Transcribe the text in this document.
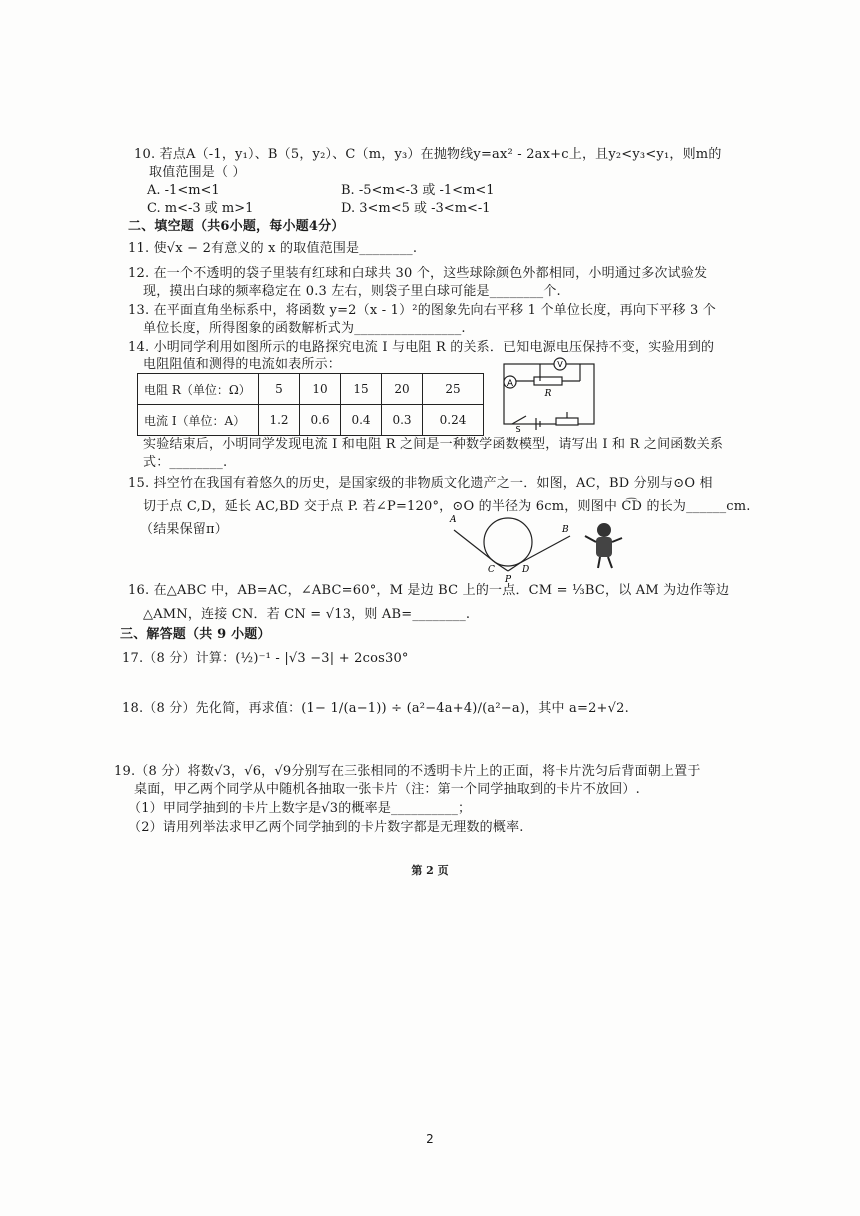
10. 若点A（-1，y₁）、B（5，y₂）、C（m，y₃）在抛物线y=ax² - 2ax+c上，且y₂<y₃<y₁，则m的
取值范围是（ ）
A. -1<m<1	B. -5<m<-3 或 -1<m<1
C. m<-3 或 m>1	D. 3<m<5 或 -3<m<-1
二、填空题（共6小题，每小题4分）
11. 使√x − 2有意义的 x 的取值范围是________.
12. 在一个不透明的袋子里装有红球和白球共 30 个，这些球除颜色外都相同，小明通过多次试验发
现，摸出白球的频率稳定在 0.3 左右，则袋子里白球可能是________个.
13. 在平面直角坐标系中，将函数 y=2（x - 1）²的图象先向右平移 1 个单位长度，再向下平移 3 个
单位长度，所得图象的函数解析式为________________.
14. 小明同学利用如图所示的电路探究电流 I 与电阻 R 的关系．已知电源电压保持不变，实验用到的
电阻阻值和测得的电流如表所示：
电阻 R（单位：Ω）	5	10	15	20	25
电流 I（单位：A）	1.2	0.6	0.4	0.3	0.24
A
V
R
S
实验结束后，小明同学发现电流 I 和电阻 R 之间是一种数学函数模型，请写出 I 和 R 之间函数关系
式：________.
15. 抖空竹在我国有着悠久的历史，是国家级的非物质文化遗产之一．如图，AC，BD 分别与⊙O 相
切于点 C,D，延长 AC,BD 交于点 P. 若∠P=120°，⊙O 的半径为 6cm，则图中 C͡D 的长为______cm.
（结果保留π）
A
B
C	D
P
16. 在△ABC 中，AB=AC，∠ABC=60°，M 是边 BC 上的一点．CM = ⅓BC，以 AM 为边作等边
△AMN，连接 CN．若 CN = √13，则 AB=________.
三、解答题（共 9 小题）
17.（8 分）计算：(½)⁻¹ - |√3 −3| + 2cos30°
18.（8 分）先化简，再求值：(1− 1/(a−1)) ÷ (a²−4a+4)/(a²−a)，其中 a=2+√2.
19.（8 分）将数√3，√6，√9分别写在三张相同的不透明卡片上的正面，将卡片洗匀后背面朝上置于
桌面，甲乙两个同学从中随机各抽取一张卡片（注：第一个同学抽取到的卡片不放回）.
（1）甲同学抽到的卡片上数字是√3的概率是__________；
（2）请用列举法求甲乙两个同学抽到的卡片数字都是无理数的概率.
第 2 页
2
